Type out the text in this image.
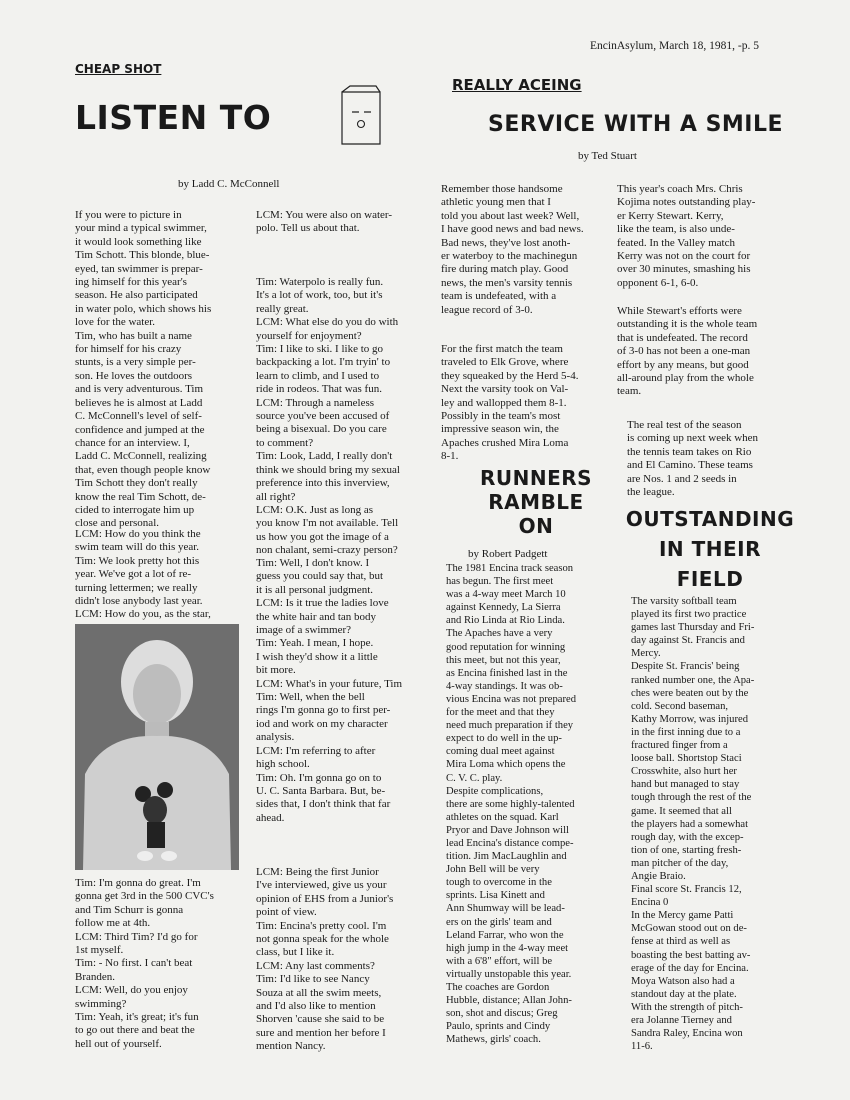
EncinAsylum, March 18, 1981, -p. 5
CHEAP SHOT
LISTEN TO
by Ladd C. McConnell
If you were to picture in
your mind a typical swimmer,
it would look something like
Tim Schott. This blonde, blue-
eyed, tan swimmer is prepar-
ing himself for this year's
season. He also participated
in water polo, which shows his
love for the water.
Tim, who has built a name
for himself for his crazy
stunts, is a very simple per-
son. He loves the outdoors
and is very adventurous. Tim
believes he is almost at Ladd
C. McConnell's level of self-
confidence and jumped at the
chance for an interview. I,
Ladd C. McConnell, realizing
that, even though people know
Tim Schott they don't really
know the real Tim Schott, de-
cided to interrogate him up
close and personal.
LCM: How do you think the
swim team will do this year.
Tim: We look pretty hot this
year. We've got a lot of re-
turning lettermen; we really
didn't lose anybody last year.
LCM: How do you, as the star,

Tim: I'm gonna do great. I'm
gonna get 3rd in the 500 CVC's
and Tim Schurr is gonna
follow me at 4th.
LCM: Third Tim? I'd go for
1st myself.
Tim: - No first. I can't beat
Branden.
LCM: Well, do you enjoy
swimming?
Tim: Yeah, it's great; it's fun
to go out there and beat the
hell out of yourself.
LCM: You were also on water-
polo. Tell us about that.
Tim: Waterpolo is really fun.
It's a lot of work, too, but it's
really great.
LCM: What else do you do with
yourself for enjoyment?
Tim: I like to ski. I like to go
backpacking a lot. I'm tryin' to
learn to climb, and I used to
ride in rodeos. That was fun.
LCM: Through a nameless
source you've been accused of
being a bisexual. Do you care
to comment?
Tim: Look, Ladd, I really don't
think we should bring my sexual
preference into this inverview,
all right?
LCM: O.K. Just as long as
you know I'm not available. Tell
us how you got the image of a
non chalant, semi-crazy person?
Tim: Well, I don't know. I
guess you could say that, but
it is all personal judgment.
LCM: Is it true the ladies love
the white hair and tan body
image of a swimmer?
Tim: Yeah. I mean, I hope.
I wish they'd show it a little
bit more.
LCM: What's in your future, Tim
Tim: Well, when the bell
rings I'm gonna go to first per-
iod and work on my character
analysis.
LCM: I'm referring to after
high school.
Tim: Oh. I'm gonna go on to
U. C. Santa Barbara. But, be-
sides that, I don't think that far
ahead.
LCM: Being the first Junior
I've interviewed, give us your
opinion of EHS from a Junior's
point of view.
Tim: Encina's pretty cool. I'm
not gonna speak for the whole
class, but I like it.
LCM: Any last comments?
Tim: I'd like to see Nancy
Souza at all the swim meets,
and I'd also like to mention
Shorven 'cause she said to be
sure and mention her before I
mention Nancy.
REALLY ACEING
SERVICE WITH A SMILE
by Ted Stuart
Remember those handsome
athletic young men that I
told you about last week? Well,
I have good news and bad news.
Bad news, they've lost anoth-
er waterboy to the machinegun
fire during match play. Good
news, the men's varsity tennis
team is undefeated, with a
league record of 3-0.
For the first match the team
traveled to Elk Grove, where
they squeaked by the Herd 5-4.
Next the varsity took on Val-
ley and wallopped them 8-1.
Possibly in the team's most
impressive season win, the
Apaches crushed Mira Loma
8-1.
This year's coach Mrs. Chris
Kojima notes outstanding play-
er Kerry Stewart. Kerry,
like the team, is also unde-
feated. In the Valley match
Kerry was not on the court for
over 30 minutes, smashing his
opponent 6-1, 6-0.
While Stewart's efforts were
outstanding it is the whole team
that is undefeated. The record
of 3-0 has not been a one-man
effort by any means, but good
all-around play from the whole
team.
The real test of the season
is coming up next week when
the tennis team takes on Rio
and El Camino. These teams
are Nos. 1 and 2 seeds in
the league.
RUNNERS
RAMBLE
ON
by Robert Padgett
The 1981 Encina track season
has begun. The first meet
was a 4-way meet March 10
against Kennedy, La Sierra
and Rio Linda at Rio Linda.
The Apaches have a very
good reputation for winning
this meet, but not this year,
as Encina finished last in the
4-way standings. It was ob-
vious Encina was not prepared
for the meet and that they
need much preparation if they
expect to do well in the up-
coming dual meet against
Mira Loma which opens the
C. V. C. play.
Despite complications,
there are some highly-talented
athletes on the squad. Karl
Pryor and Dave Johnson will
lead Encina's distance compe-
tition. Jim MacLaughlin and
John Bell will be very
tough to overcome in the
sprints. Lisa Kinett and
Ann Shumway will be lead-
ers on the girls' team and
Leland Farrar, who won the
high jump in the 4-way meet
with a 6'8" effort, will be
virtually unstopable this year.
The coaches are Gordon
Hubble, distance; Allan John-
son, shot and discus; Greg
Paulo, sprints and Cindy
Mathews, girls' coach.
OUTSTANDING
IN THEIR
FIELD
The varsity softball team
played its first two practice
games last Thursday and Fri-
day against St. Francis and
Mercy.
Despite St. Francis' being
ranked number one, the Apa-
ches were beaten out by the
cold. Second baseman,
Kathy Morrow, was injured
in the first inning due to a
fractured finger from a
loose ball. Shortstop Staci
Crosswhite, also hurt her
hand but managed to stay
tough through the rest of the
game. It seemed that all
the players had a somewhat
rough day, with the excep-
tion of one, starting fresh-
man pitcher of the day,
Angie Braio.
Final score St. Francis 12,
Encina 0
In the Mercy game Patti
McGowan stood out on de-
fense at third as well as
boasting the best batting av-
erage of the day for Encina.
Moya Watson also had a
standout day at the plate.
With the strength of pitch-
era Jolanne Tierney and
Sandra Raley, Encina won
11-6.
